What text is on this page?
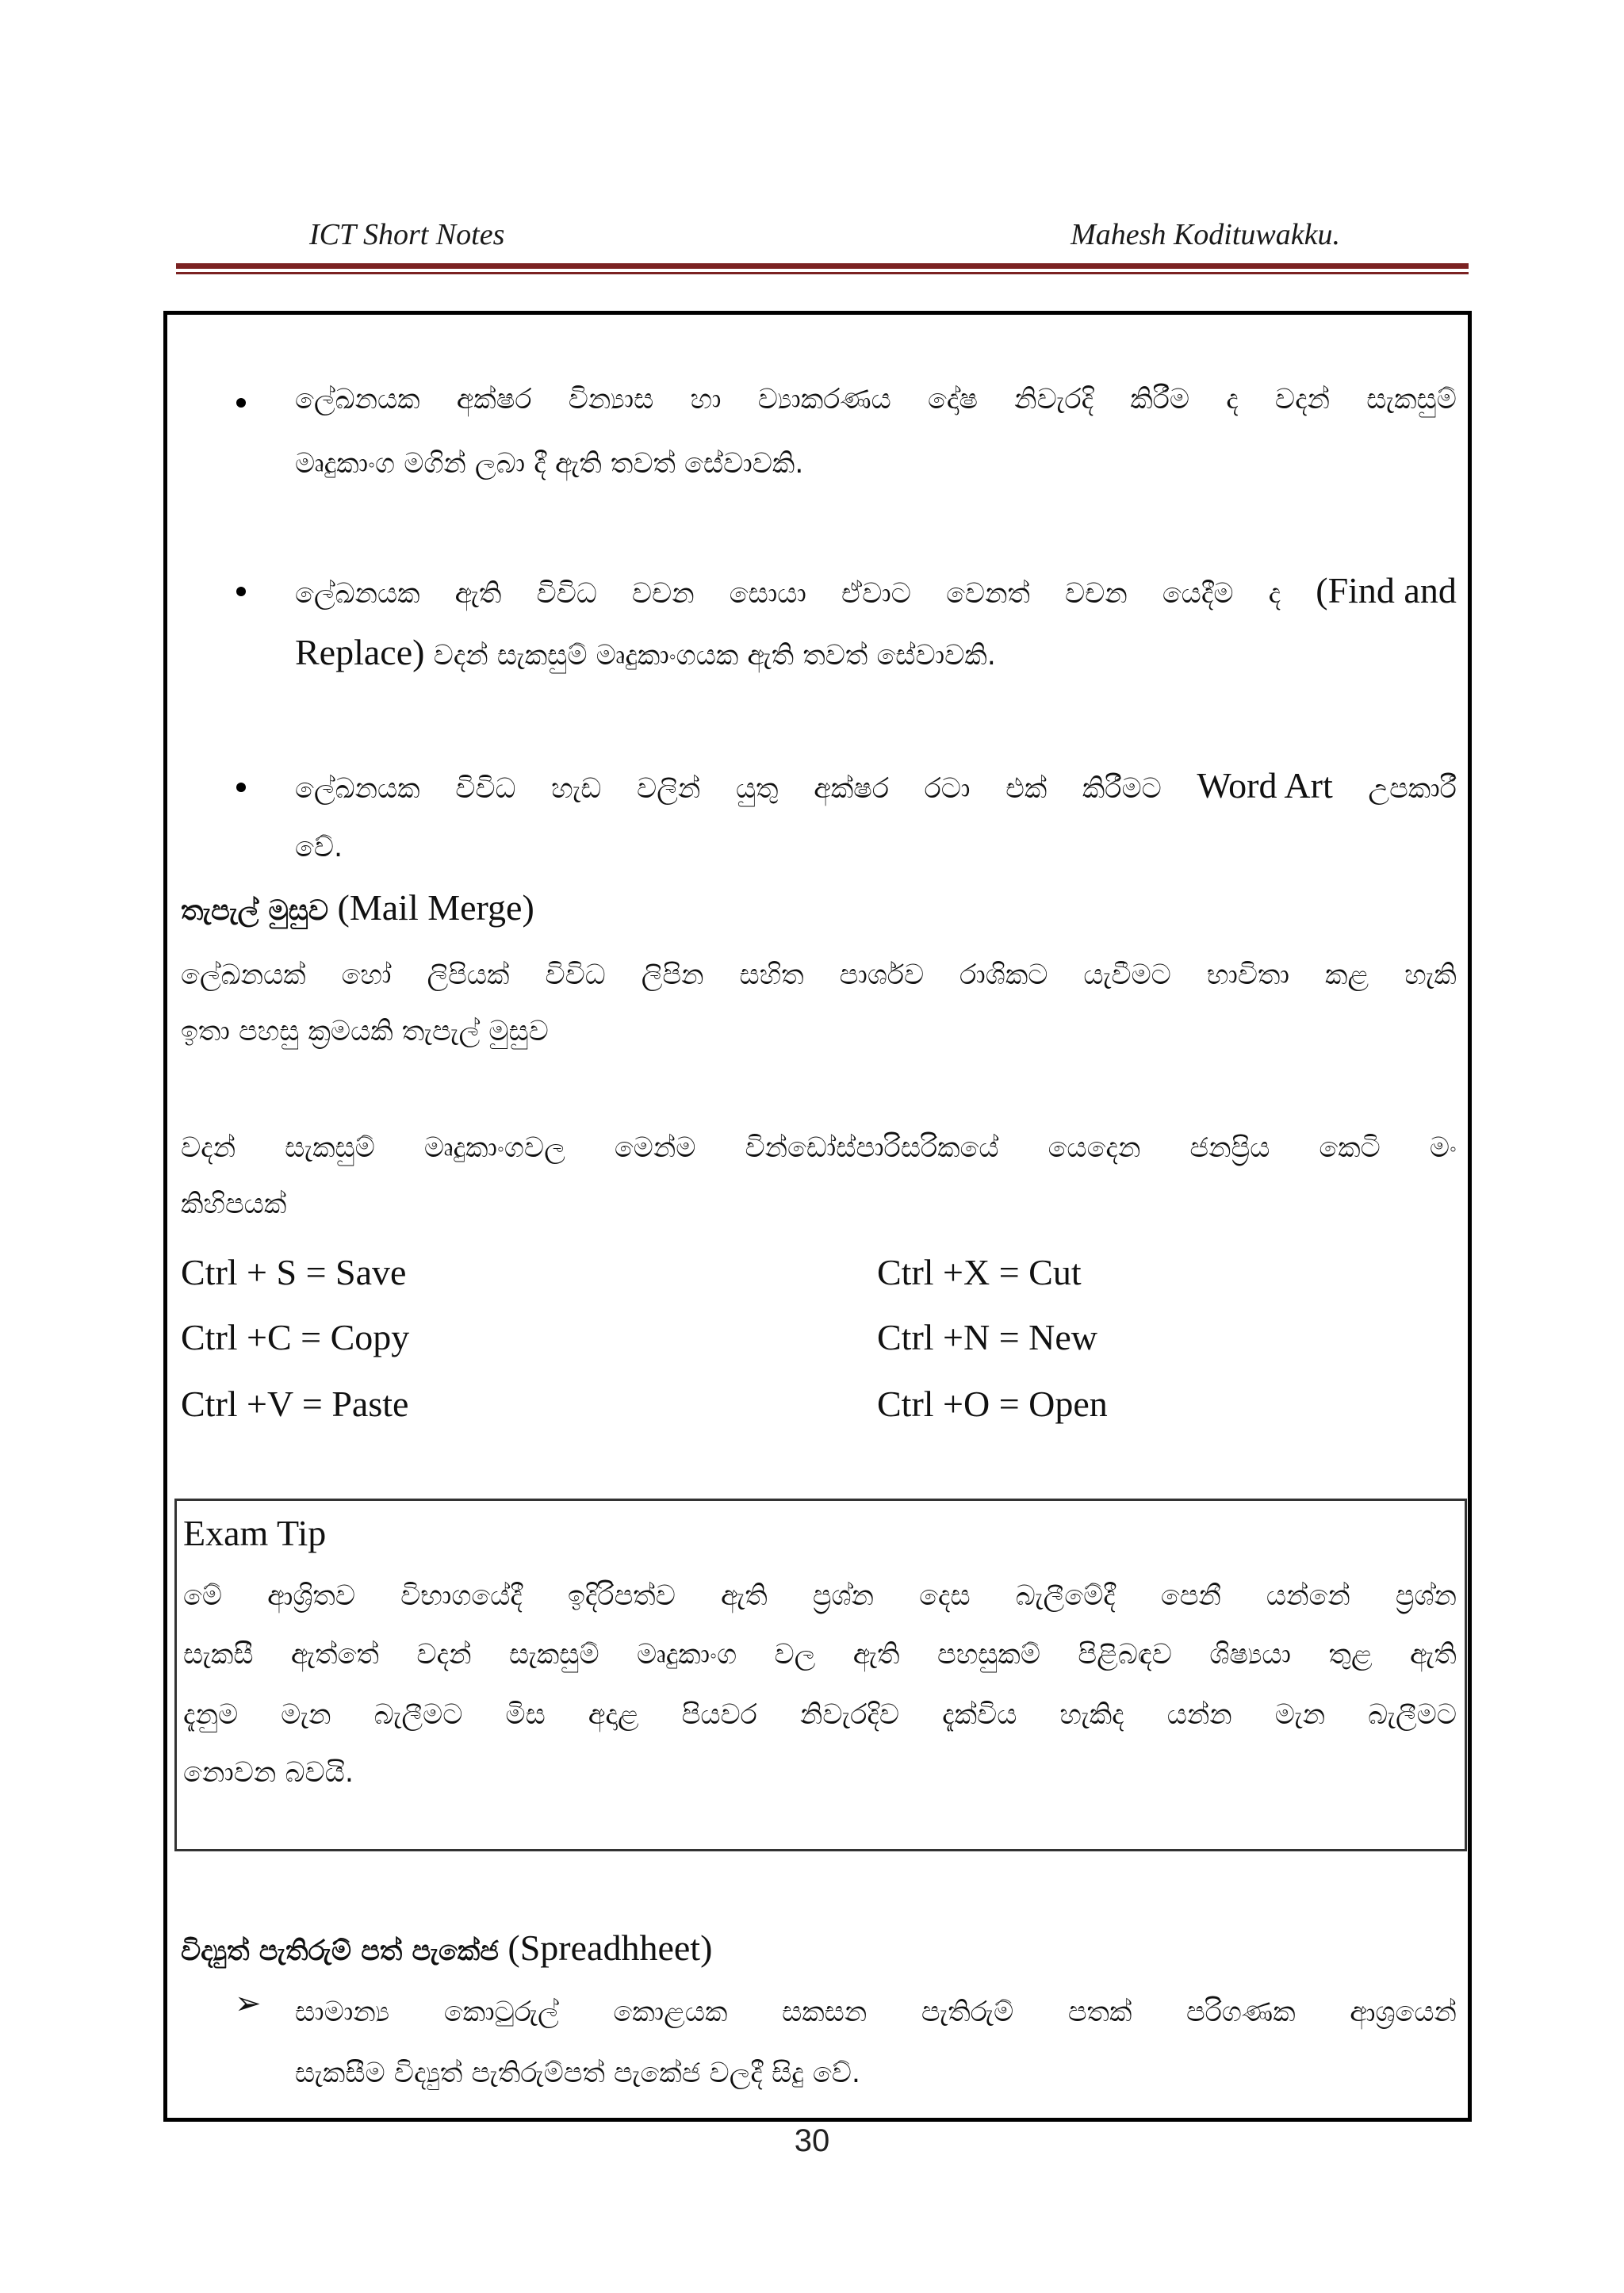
ICT Short Notes	Mahesh Kodituwakku.
ලේඛනයක අක්ෂර වින්‍යාස හා ව්‍යාකරණය දෝෂ නිවැරදි කිරීම ද වදන් සැකසුම්
මෘදුකාංග මගින් ලබා දී ඇති තවත් සේවාවකි.
ලේඛනයක ඇති විවිධ වචන සොයා ඒවාට වෙනත් වචන යෙදීම ද (Find and
Replace) වදන් සැකසුම් මෘදුකාංගයක ඇති තවත් සේවාවකි.
ලේඛනයක විවිධ හැඩ වලින් යුතු අක්ෂර රටා එක් කිරීමට Word Art උපකාරී
වේ.
තැපැල් මුසුව (Mail Merge)
ලේඛනයක් හෝ ලිපියක් විවිධ ලිපින සහිත පාර්ශව රාශිකට යැවීමට භාවිතා කළ හැකි
ඉතා පහසු ක්‍රමයකි තැපැල් මුසුව
වදන් සැකසුම් මෘදුකාංගවල මෙන්ම වින්ඩෝස්පාරිසරිකයේ යෙදෙන ජනප්‍රිය කෙටි මං
කිහිපයක්
Ctrl + S = Save
Ctrl +C = Copy
Ctrl +V = Paste
Ctrl +X = Cut
Ctrl +N = New
Ctrl +O = Open
Exam Tip
මේ ආශ්‍රිතව විභාගයේදී ඉදිරිපත්ව ඇති ප්‍රශ්න දෙස බැලීමේදී පෙනී යන්නේ ප්‍රශ්න
සැකසී ඇත්තේ වදන් සැකසුම් මෘදුකාංග වල ඇති පහසුකම් පිළිබඳව ශිෂ්‍යයා තුළ ඇති
දැනුම මැන බැලීමට මිස අදාළ පියවර නිවැරදිව දැක්විය හැකිද යන්න මැන බැලීමට
නොවන බවයි.
විද්‍යුත් පැතිරුම් පත් පැකේජ (Spreadhheet)
➢ සාමාන්‍ය කොටුරුල් කොළයක සකසන පැතිරුම් පතක් පරිගණක ආශ්‍රයෙන්
සැකසීම විද්‍යුත් පැතිරුම්පත් පැකේජ වලදී සිදු වේ.
30
